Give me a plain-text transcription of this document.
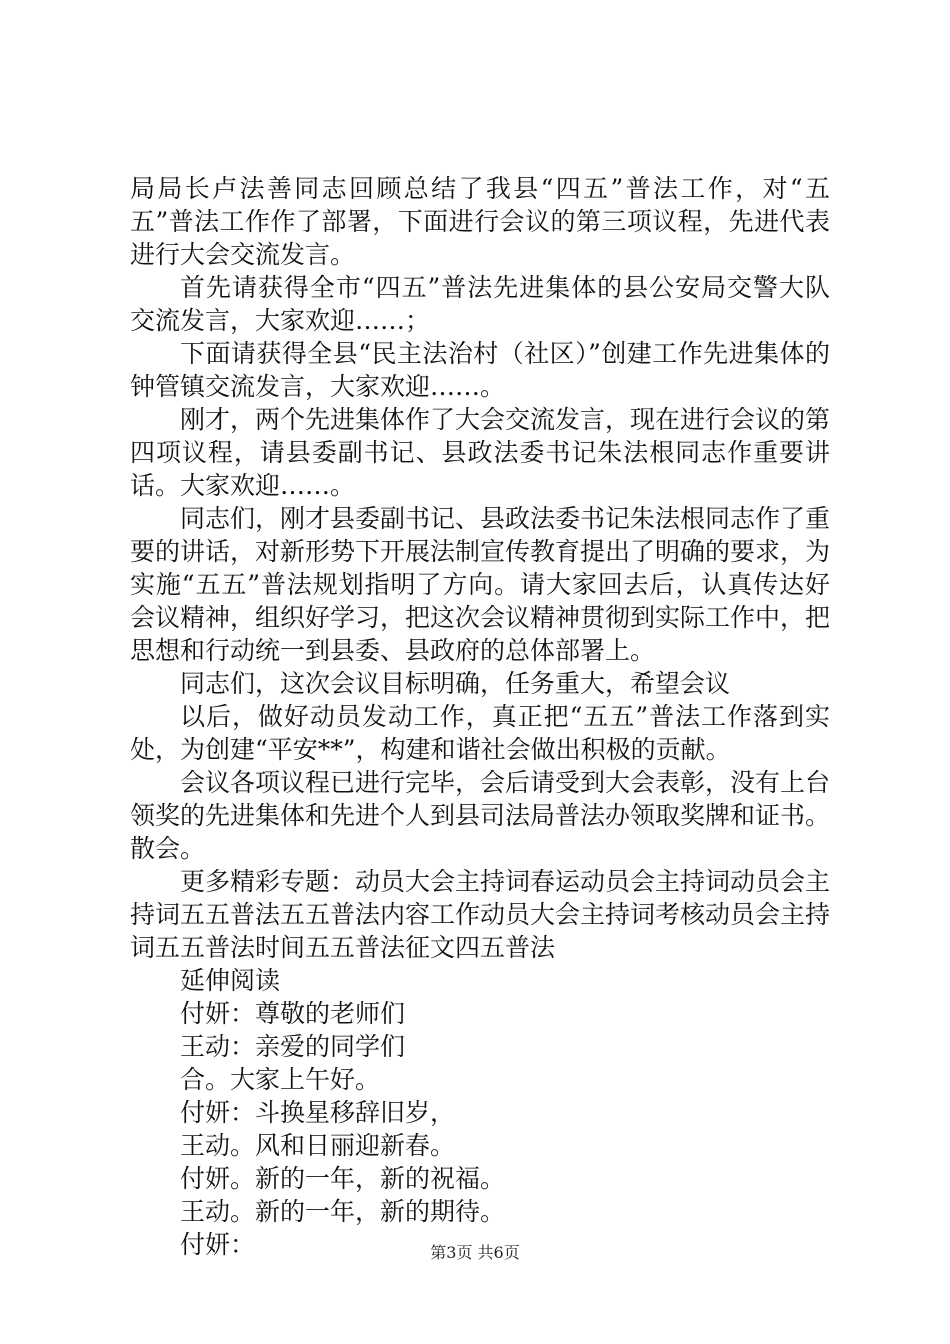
局局长卢法善同志回顾总结了我县“四五”普法工作，对“五五”普法工作作了部署，下面进行会议的第三项议程，先进代表进行大会交流发言。

首先请获得全市“四五”普法先进集体的县公安局交警大队交流发言，大家欢迎……；

下面请获得全县“民主法治村（社区）”创建工作先进集体的钟管镇交流发言，大家欢迎……。

刚才，两个先进集体作了大会交流发言，现在进行会议的第四项议程，请县委副书记、县政法委书记朱法根同志作重要讲话。大家欢迎……。

同志们，刚才县委副书记、县政法委书记朱法根同志作了重要的讲话，对新形势下开展法制宣传教育提出了明确的要求，为实施“五五”普法规划指明了方向。请大家回去后，认真传达好会议精神，组织好学习，把这次会议精神贯彻到实际工作中，把思想和行动统一到县委、县政府的总体部署上。

同志们，这次会议目标明确，任务重大，希望会议

以后，做好动员发动工作，真正把“五五”普法工作落到实处，为创建“平安**”，构建和谐社会做出积极的贡献。

会议各项议程已进行完毕，会后请受到大会表彰，没有上台领奖的先进集体和先进个人到县司法局普法办领取奖牌和证书。散会。

更多精彩专题：动员大会主持词春运动员会主持词动员会主持词五五普法五五普法内容工作动员大会主持词考核动员会主持词五五普法时间五五普法征文四五普法

延伸阅读

付妍：尊敬的老师们

王动：亲爱的同学们

合。大家上午好。

付妍：斗换星移辞旧岁，

王动。风和日丽迎新春。

付妍。新的一年，新的祝福。

王动。新的一年，新的期待。

付妍：	第3页 共6页
